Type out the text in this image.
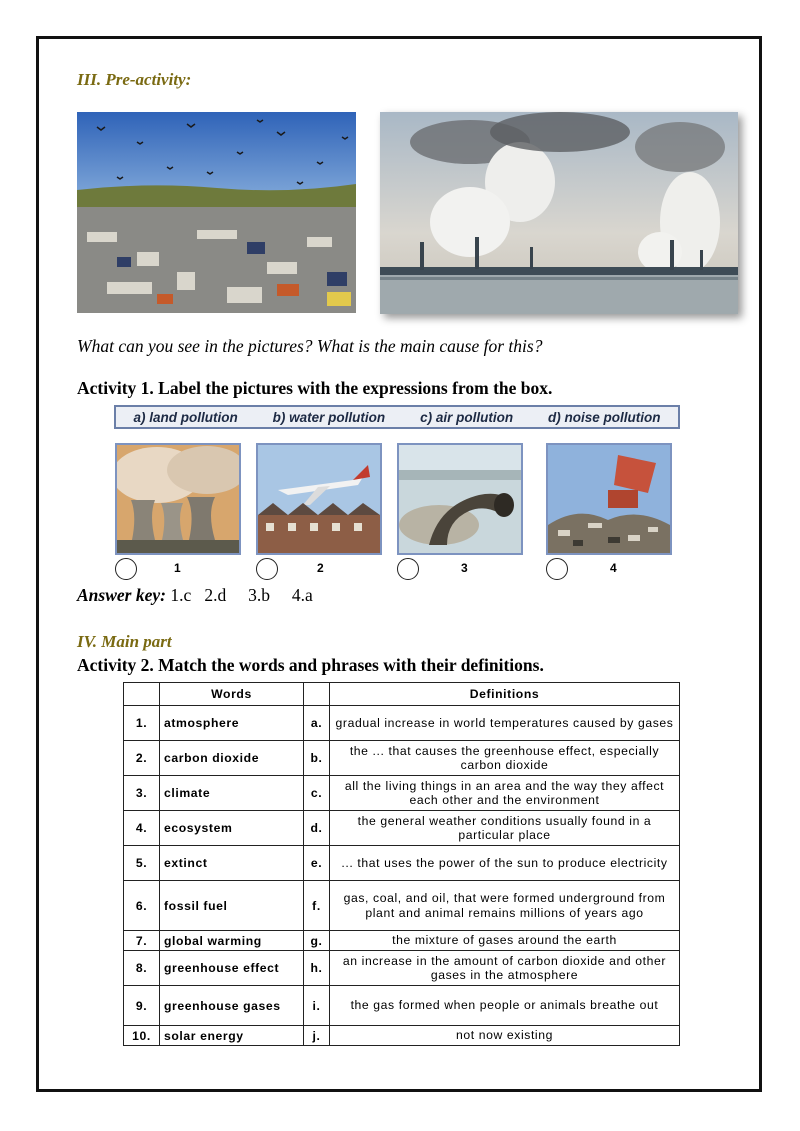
III. Pre-activity:
What can you see in the pictures? What is the main cause for this?
Activity 1. Label the pictures with the expressions from the box.
a) land pollution	b) water pollution	c) air pollution	d) noise pollution
1	2	3	4
Answer key: 1.c   2.d     3.b     4.a
IV. Main part
Activity 2. Match the words and phrases with their definitions.
	Words		Definitions
1.	atmosphere	a.	gradual increase in world temperatures caused by gases
2.	carbon dioxide	b.	the ... that causes the greenhouse effect, especially carbon dioxide
3.	climate	c.	all the living things in an area and the way they affect each other and the environment
4.	ecosystem	d.	the general weather conditions usually found in a particular place
5.	extinct	e.	... that uses the power of the sun to produce electricity
6.	fossil fuel	f.	gas, coal, and oil, that were formed underground from plant and animal remains millions of years ago
7.	global warming	g.	the mixture of gases around the earth
8.	greenhouse effect	h.	an increase in the amount of carbon dioxide and other gases in the atmosphere
9.	greenhouse gases	i.	the gas formed when people or animals breathe out
10.	solar energy	j.	not now existing
